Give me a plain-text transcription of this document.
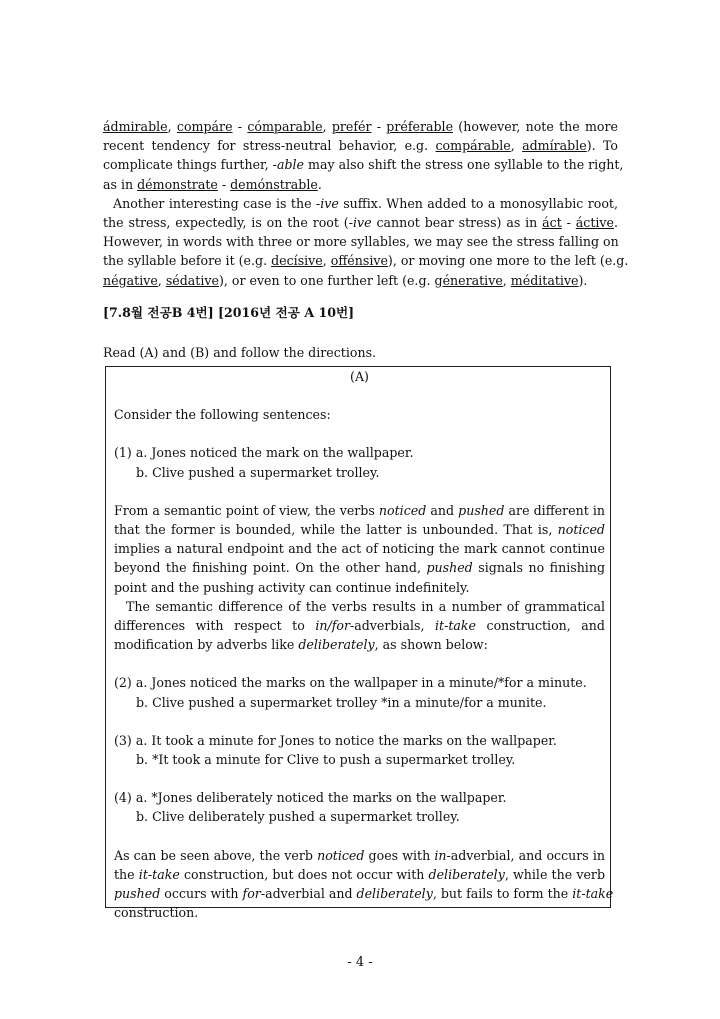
ádmirable, compáre - cómparable, prefér - préferable (however, note the more
recent tendency for stress-neutral behavior, e.g. compárable, admírable). To
complicate things further, -able may also shift the stress one syllable to the right,
as in démonstrate - demónstrable.
Another interesting case is the -ive suffix. When added to a monosyllabic root,
the stress, expectedly, is on the root (-ive cannot bear stress) as in áct - áctive.
However, in words with three or more syllables, we may see the stress falling on
the syllable before it (e.g. decísive, offénsive), or moving one more to the left (e.g.
négative, sédative), or even to one further left (e.g. génerative, méditative).
[7.8월 전공B 4번] [2016년 전공 A 10번]
Read (A) and (B) and follow the directions.
(A)
Consider the following sentences:
(1) a. Jones noticed the mark on the wallpaper.
b. Clive pushed a supermarket trolley.
From a semantic point of view, the verbs noticed and pushed are different in
that the former is bounded, while the latter is unbounded. That is, noticed
implies a natural endpoint and the act of noticing the mark cannot continue
beyond the finishing point. On the other hand, pushed signals no finishing
point and the pushing activity can continue indefinitely.
The semantic difference of the verbs results in a number of grammatical
differences with respect to in/for-adverbials, it-take construction, and
modification by adverbs like deliberately, as shown below:
(2) a. Jones noticed the marks on the wallpaper in a minute/*for a minute.
b. Clive pushed a supermarket trolley *in a minute/for a munite.
(3) a. It took a minute for Jones to notice the marks on the wallpaper.
b. *It took a minute for Clive to push a supermarket trolley.
(4) a. *Jones deliberately noticed the marks on the wallpaper.
b. Clive deliberately pushed a supermarket trolley.
As can be seen above, the verb noticed goes with in-adverbial, and occurs in
the it-take construction, but does not occur with deliberately, while the verb
pushed occurs with for-adverbial and deliberately, but fails to form the it-take
construction.
- 4 -
